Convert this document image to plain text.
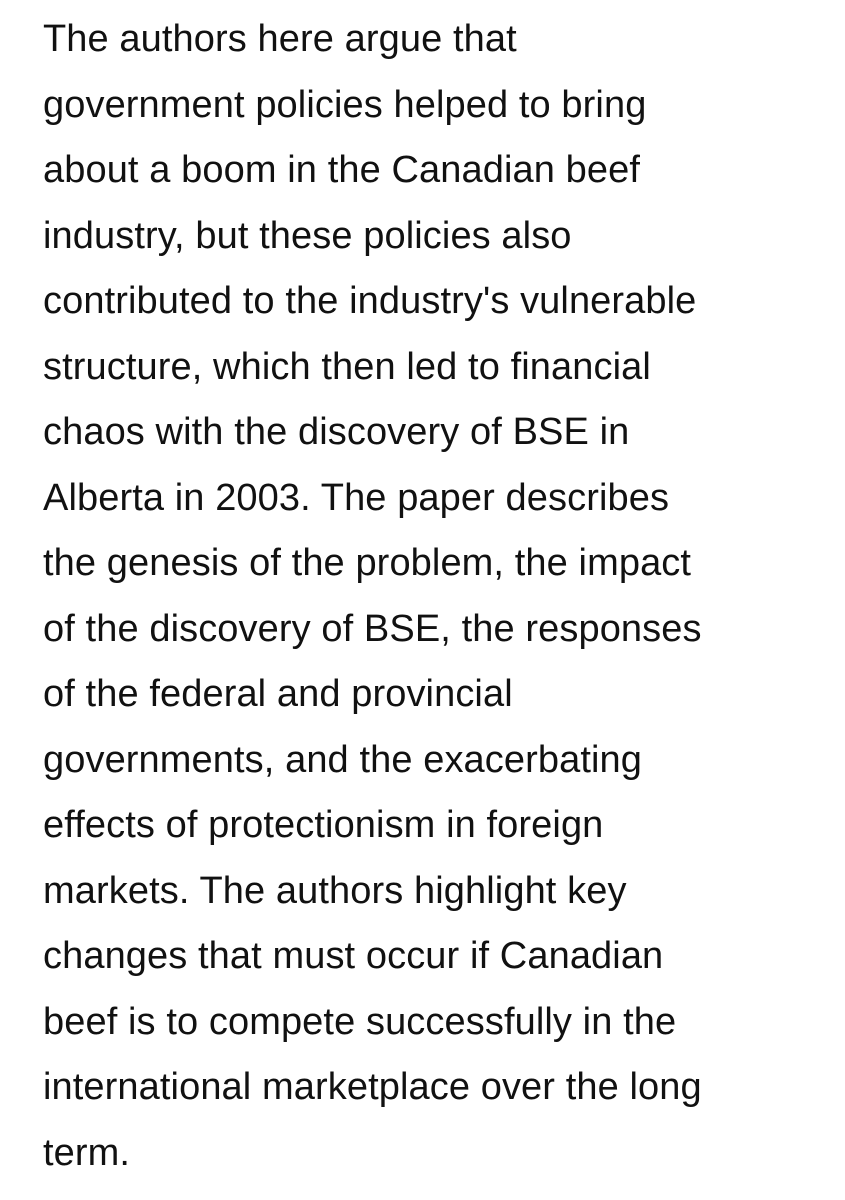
The authors here argue that
government policies helped to bring
about a boom in the Canadian beef
industry, but these policies also
contributed to the industry's vulnerable
structure, which then led to financial
chaos with the discovery of BSE in
Alberta in 2003. The paper describes
the genesis of the problem, the impact
of the discovery of BSE, the responses
of the federal and provincial
governments, and the exacerbating
effects of protectionism in foreign
markets. The authors highlight key
changes that must occur if Canadian
beef is to compete successfully in the
international marketplace over the long
term.
